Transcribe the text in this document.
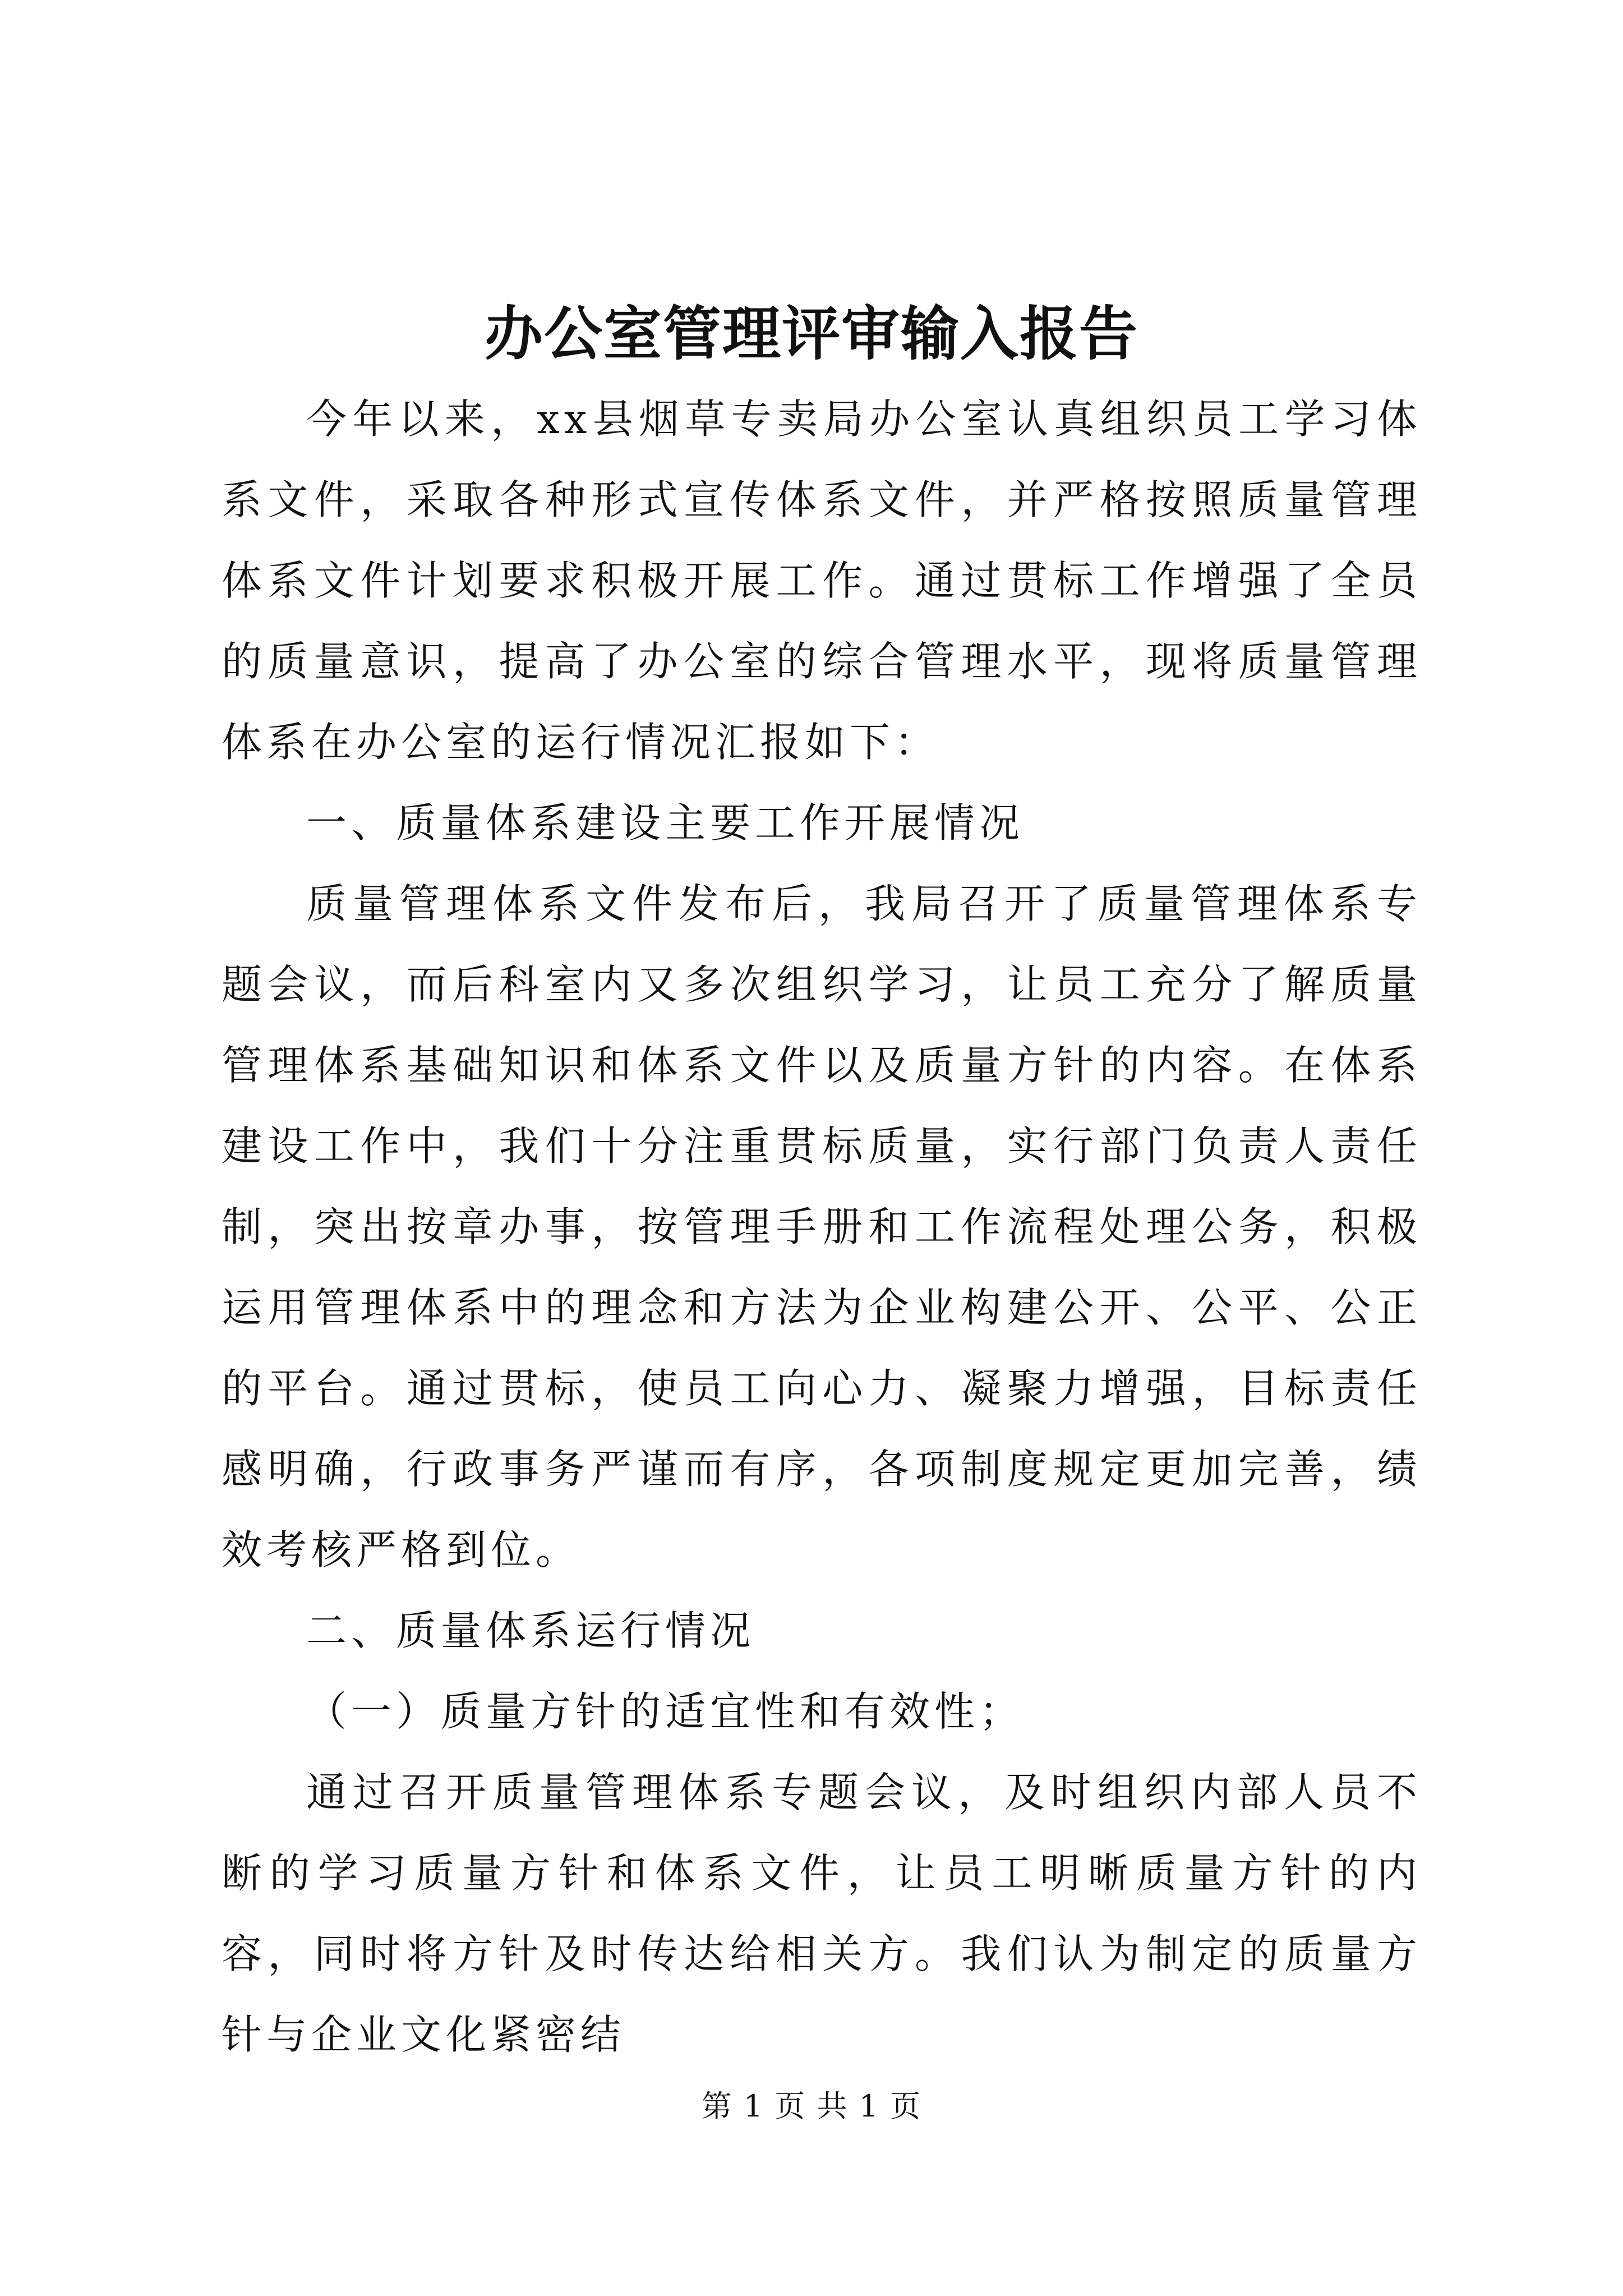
办公室管理评审输入报告

今年以来，xx县烟草专卖局办公室认真组织员工学习体系文件，采取各种形式宣传体系文件，并严格按照质量管理体系文件计划要求积极开展工作。通过贯标工作增强了全员的质量意识，提高了办公室的综合管理水平，现将质量管理体系在办公室的运行情况汇报如下：

一、质量体系建设主要工作开展情况

质量管理体系文件发布后，我局召开了质量管理体系专题会议，而后科室内又多次组织学习，让员工充分了解质量管理体系基础知识和体系文件以及质量方针的内容。在体系建设工作中，我们十分注重贯标质量，实行部门负责人责任制，突出按章办事，按管理手册和工作流程处理公务，积极运用管理体系中的理念和方法为企业构建公开、公平、公正的平台。通过贯标，使员工向心力、凝聚力增强，目标责任感明确，行政事务严谨而有序，各项制度规定更加完善，绩效考核严格到位。

二、质量体系运行情况

（一）质量方针的适宜性和有效性；

通过召开质量管理体系专题会议，及时组织内部人员不断的学习质量方针和体系文件，让员工明晰质量方针的内容，同时将方针及时传达给相关方。我们认为制定的质量方针与企业文化紧密结

第 1 页 共 1 页
